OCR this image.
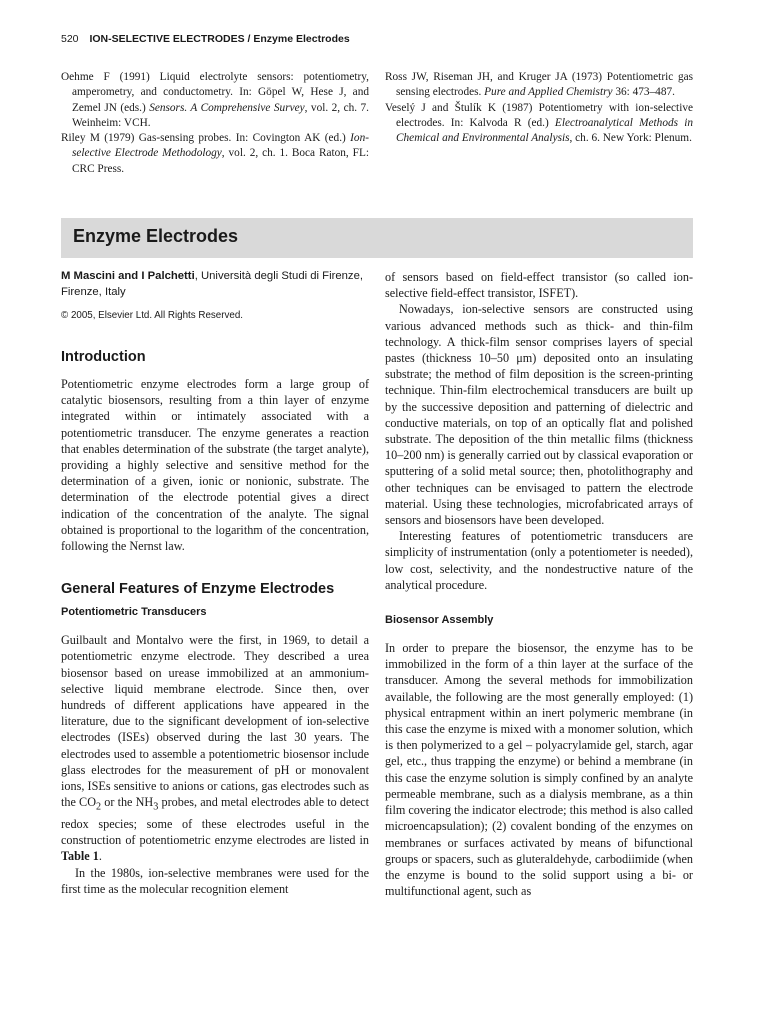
520 ION-SELECTIVE ELECTRODES / Enzyme Electrodes

Oehme F (1991) Liquid electrolyte sensors: potentiometry, amperometry, and conductometry. In: Göpel W, Hese J, and Zemel JN (eds.) Sensors. A Comprehensive Survey, vol. 2, ch. 7. Weinheim: VCH.

Riley M (1979) Gas-sensing probes. In: Covington AK (ed.) Ion-selective Electrode Methodology, vol. 2, ch. 1. Boca Raton, FL: CRC Press.

Ross JW, Riseman JH, and Kruger JA (1973) Potentiometric gas sensing electrodes. Pure and Applied Chemistry 36: 473–487.

Veselý J and Štulík K (1987) Potentiometry with ion-selective electrodes. In: Kalvoda R (ed.) Electroanalytical Methods in Chemical and Environmental Analysis, ch. 6. New York: Plenum.

Enzyme Electrodes

M Mascini and I Palchetti, Università degli Studi di Firenze, Firenze, Italy

© 2005, Elsevier Ltd. All Rights Reserved.

Introduction

Potentiometric enzyme electrodes form a large group of catalytic biosensors, resulting from a thin layer of enzyme integrated within or intimately associated with a potentiometric transducer. The enzyme generates a reaction that enables determination of the substrate (the target analyte), providing a highly selective and sensitive method for the determination of a given, ionic or nonionic, substrate. The determination of the electrode potential gives a direct indication of the concentration of the analyte. The signal obtained is proportional to the logarithm of the concentration, following the Nernst law.

General Features of Enzyme Electrodes
Potentiometric Transducers

Guilbault and Montalvo were the first, in 1969, to detail a potentiometric enzyme electrode. They described a urea biosensor based on urease immobilized at an ammonium-selective liquid membrane electrode. Since then, over hundreds of different applications have appeared in the literature, due to the significant development of ion-selective electrodes (ISEs) observed during the last 30 years. The electrodes used to assemble a potentiometric biosensor include glass electrodes for the measurement of pH or monovalent ions, ISEs sensitive to anions or cations, gas electrodes such as the $CO_2$ or the $NH_3$ probes, and metal electrodes able to detect redox species; some of these electrodes useful in the construction of potentiometric enzyme electrodes are listed in Table 1.

In the 1980s, ion-selective membranes were used for the first time as the molecular recognition element

of sensors based on field-effect transistor (so called ion-selective field-effect transistor, ISFET).

Nowadays, ion-selective sensors are constructed using various advanced methods such as thick- and thin-film technology. A thick-film sensor comprises layers of special pastes (thickness 10–50 μm) deposited onto an insulating substrate; the method of film deposition is the screen-printing technique. Thin-film electrochemical transducers are built up by the successive deposition and patterning of dielectric and conductive materials, on top of an optically flat and polished substrate. The deposition of the thin metallic films (thickness 10–200 nm) is generally carried out by classical evaporation or sputtering of a solid metal source; then, photolithography and other techniques can be envisaged to pattern the electrode material. Using these technologies, microfabricated arrays of sensors and biosensors have been developed.

Interesting features of potentiometric transducers are simplicity of instrumentation (only a potentiometer is needed), low cost, selectivity, and the nondestructive nature of the analytical procedure.

Biosensor Assembly

In order to prepare the biosensor, the enzyme has to be immobilized in the form of a thin layer at the surface of the transducer. Among the several methods for immobilization available, the following are the most generally employed: (1) physical entrapment within an inert polymeric membrane (in this case the enzyme is mixed with a monomer solution, which is then polymerized to a gel – polyacrylamide gel, starch, agar gel, etc., thus trapping the enzyme) or behind a membrane (in this case the enzyme solution is simply confined by an analyte permeable membrane, such as a dialysis membrane, as a thin film covering the indicator electrode; this method is also called microencapsulation); (2) covalent bonding of the enzymes on membranes or surfaces activated by means of bifunctional groups or spacers, such as gluteraldehyde, carbodiimide (when the enzyme is bound to the solid support using a bi- or multifunctional agent, such as
